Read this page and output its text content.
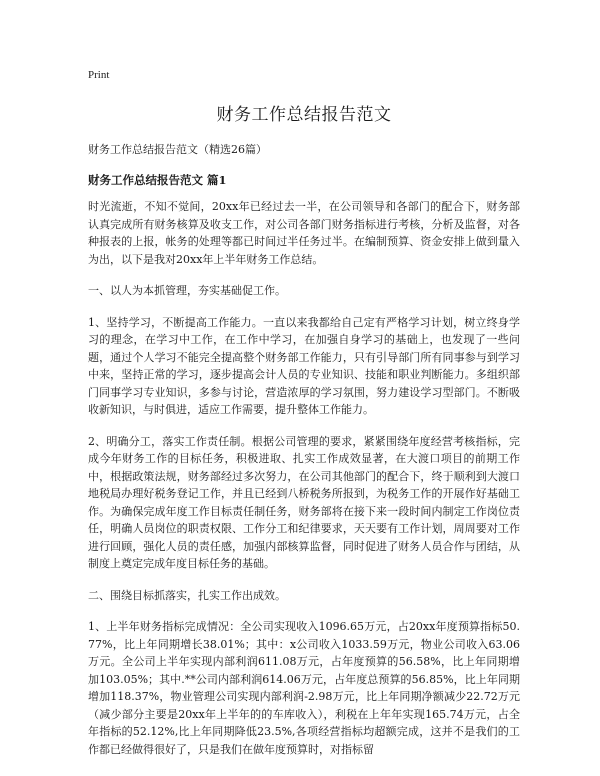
Print
财务工作总结报告范文
财务工作总结报告范文（精选26篇）
财务工作总结报告范文 篇1

时光流逝，不知不觉间，20xx年已经过去一半，在公司领导和各部门的配合下，财务部认真完成所有财务核算及收支工作，对公司各部门财务指标进行考核，分析及监督，对各种报表的上报，帐务的处理等都已时间过半任务过半。在编制预算、资金安排上做到量入为出，以下是我对20xx年上半年财务工作总结。

一、以人为本抓管理，夯实基础促工作。

1、坚持学习，不断提高工作能力。一直以来我都给自己定有严格学习计划，树立终身学习的理念，在学习中工作，在工作中学习，在加强自身学习的基础上，也发现了一些问题，通过个人学习不能完全提高整个财务部工作能力，只有引导部门所有同事参与到学习中来，坚持正常的学习，逐步提高会计人员的专业知识、技能和职业判断能力。多组织部门同事学习专业知识，多参与讨论，营造浓厚的学习氛围，努力建设学习型部门。不断吸收新知识，与时俱进，适应工作需要，提升整体工作能力。

2、明确分工，落实工作责任制。根据公司管理的要求，紧紧围绕年度经营考核指标，完成今年财务工作的目标任务，积极进取、扎实工作成效显著，在大渡口项目的前期工作中，根据政策法规，财务部经过多次努力，在公司其他部门的配合下，终于顺利到大渡口地税局办理好税务登记工作，并且已经到八桥税务所报到，为税务工作的开展作好基础工作。为确保完成年度工作目标责任制任务，财务部将在接下来一段时间内制定工作岗位责任，明确人员岗位的职责权限、工作分工和纪律要求，天天要有工作计划，周周要对工作进行回顾，强化人员的责任感，加强内部核算监督，同时促进了财务人员合作与团结，从制度上奠定完成年度目标任务的基础。

二、围绕目标抓落实，扎实工作出成效。

1、上半年财务指标完成情况：全公司实现收入1096.65万元，占20xx年度预算指标50.77%，比上年同期增长38.01%；其中：x公司收入1033.59万元，物业公司收入63.06万元。全公司上半年实现内部利润611.08万元，占年度预算的56.58%，比上年同期增加103.05%；其中.**公司内部利润614.06万元，占年度总预算的56.85%，比上年同期增加118.37%，物业管理公司实现内部利润-2.98万元，比上年同期净额减少22.72万元（减少部分主要是20xx年上半年的的车库收入），利税在上年年实现165.74万元，占全年指标的52.12%,比上年同期降低23.5%,各项经营指标均超额完成，这并不是我们的工作都已经做得很好了，只是我们在做年度预算时，对指标留
